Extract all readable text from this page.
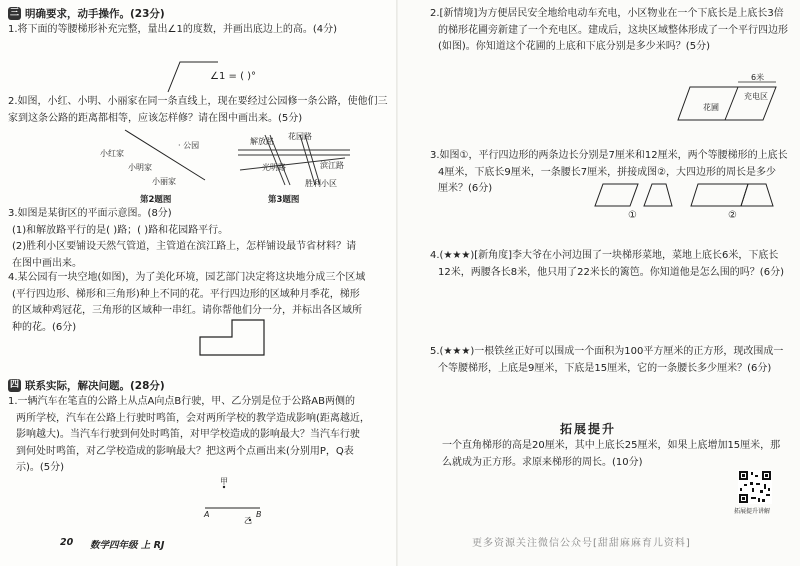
三 明确要求，动手操作。(23分)
1.将下面的等腰梯形补充完整，量出∠1的度数，并画出底边上的高。(4分)
∠1 = ( )°
2.如图，小红、小明、小丽家在同一条直线上，现在要经过公园修一条公路，使他们三
家到这条公路的距离都相等，应该怎样修？请在图中画出来。(5分)
· 公园
小红家
小明家
小丽家
第2题图
解放路
花园路
光明路	滨江路
胜利小区
第3题图
3.如图是某街区的平面示意图。(8分)
(1)和解放路平行的是( )路；( )路和花园路平行。
(2)胜利小区要铺设天然气管道，主管道在滨江路上，怎样铺设最节省材料？请
在图中画出来。
4.某公园有一块空地(如图)，为了美化环境，园艺部门决定将这块地分成三个区域
(平行四边形、梯形和三角形)种上不同的花。平行四边形的区域种月季花，梯形
的区域种鸡冠花，三角形的区域种一串红。请你帮他们分一分，并标出各区域所
种的花。(6分)
四 联系实际，解决问题。(28分)
1.一辆汽车在笔直的公路上从点A向点B行驶，甲、乙分别是位于公路AB两侧的
两所学校，汽车在公路上行驶时鸣笛，会对两所学校的教学造成影响(距离越近，
影响越大)。当汽车行驶到何处时鸣笛，对甲学校造成的影响最大？当汽车行驶
到何处时鸣笛，对乙学校造成的影响最大？把这两个点画出来(分别用P，Q表
示)。(5分)
甲
乙
A	B
20 数学四年级 上 RJ
2.[新情境]为方便居民安全地给电动车充电，小区物业在一个下底长是上底长3倍
的梯形花圃旁新建了一个充电区。建成后，这块区域整体形成了一个平行四边形
(如图)。你知道这个花圃的上底和下底分别是多少米吗？(5分)
6米
充电区
花圃
3.如图①，平行四边形的两条边长分别是7厘米和12厘米，两个等腰梯形的上底长
4厘米，下底长9厘米，一条腰长7厘米，拼接成图②，大四边形的周长是多少
厘米？(6分)
①	②
4.(★★★)[新角度]李大爷在小河边围了一块梯形菜地，菜地上底长6米，下底长
12米，两腰各长8米，他只用了22米长的篱笆。你知道他是怎么围的吗？(6分)
5.(★★★)一根铁丝正好可以围成一个面积为100平方厘米的正方形，现改围成一
个等腰梯形，上底是9厘米，下底是15厘米，它的一条腰长多少厘米？(6分)
拓展提升
一个直角梯形的高是20厘米，其中上底长25厘米，如果上底增加15厘米，那
么就成为正方形。求原来梯形的周长。(10分)
拓展提升讲解
更多资源关注微信公众号[甜甜麻麻育儿资料]
